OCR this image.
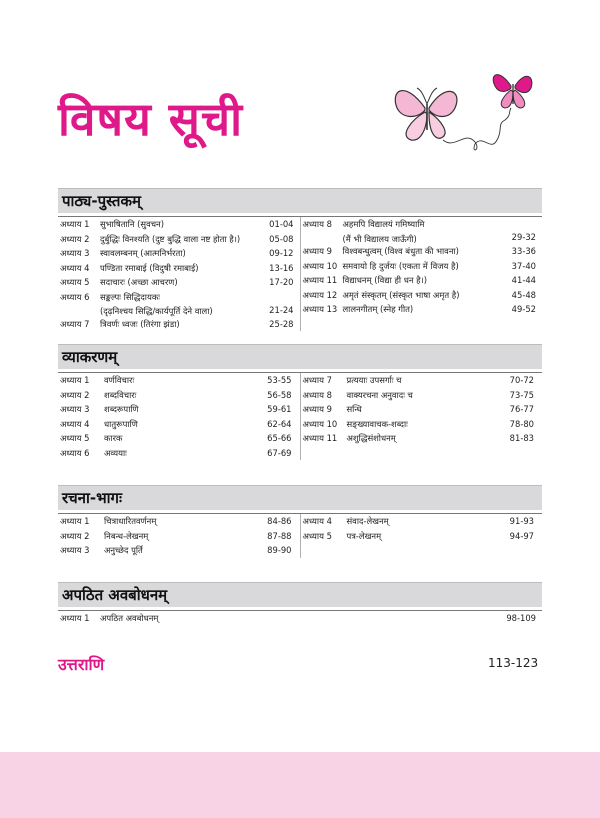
विषय सूची
पाठ्य-पुस्तकम्
अध्याय 1 सुभाषितानि (सुवचन)	01-04
अध्याय 2 दुर्बुद्धिः विनश्यति (दुष्ट बुद्धि वाला नष्ट होता है।)	05-08
अध्याय 3 स्वावलम्बनम् (आत्मनिर्भरता)	09-12
अध्याय 4 पण्डिता रमाबाई (विदुषी रमाबाई)	13-16
अध्याय 5 सदाचारः (अच्छा आचरण)	17-20
अध्याय 6 सङ्कल्पः सिद्धिदायकः
(दृढ़निश्चय सिद्धि/कार्यपूर्ति देने वाला)	21-24
अध्याय 7 त्रिवर्णः ध्वजः (तिरंगा झंडा)	25-28
अध्याय 8 अहमपि विद्यालयं गमिष्यामि
(मैं भी विद्यालय जाऊँगी)	29-32
अध्याय 9 विश्वबन्धुत्वम् (विश्व बंधुता की भावना)	33-36
अध्याय 10 समवायो हि दुर्जयः (एकता में विजय है)	37-40
अध्याय 11 विद्याधनम् (विद्या ही धन है।)	41-44
अध्याय 12 अमृतं संस्कृतम् (संस्कृत भाषा अमृत है)	45-48
अध्याय 13 लालनगीतम् (स्नेह गीत)	49-52
व्याकरणम्
अध्याय 1 वर्णविचारः	53-55
अध्याय 2 शब्दविचारः	56-58
अध्याय 3 शब्दरूपाणि	59-61
अध्याय 4 धातुरूपाणि	62-64
अध्याय 5 कारक	65-66
अध्याय 6 अव्ययाः	67-69
अध्याय 7 प्रत्ययाः उपसर्गाः च	70-72
अध्याय 8 वाक्यरचना अनुवादः च	73-75
अध्याय 9 सन्धि	76-77
अध्याय 10 सङ्ख्यावाचक-शब्दाः	78-80
अध्याय 11 अशुद्धिसंशोधनम्	81-83
रचना-भागः
अध्याय 1 चित्राधारितवर्णनम्	84-86
अध्याय 2 निबन्ध-लेखनम्	87-88
अध्याय 3 अनुच्छेद पूर्ति	89-90
अध्याय 4 संवाद-लेखनम्	91-93
अध्याय 5 पत्र-लेखनम्	94-97
अपठित अवबोधनम्
अध्याय 1 अपठित अवबोधनम्	98-109
उत्तराणि	113-123
